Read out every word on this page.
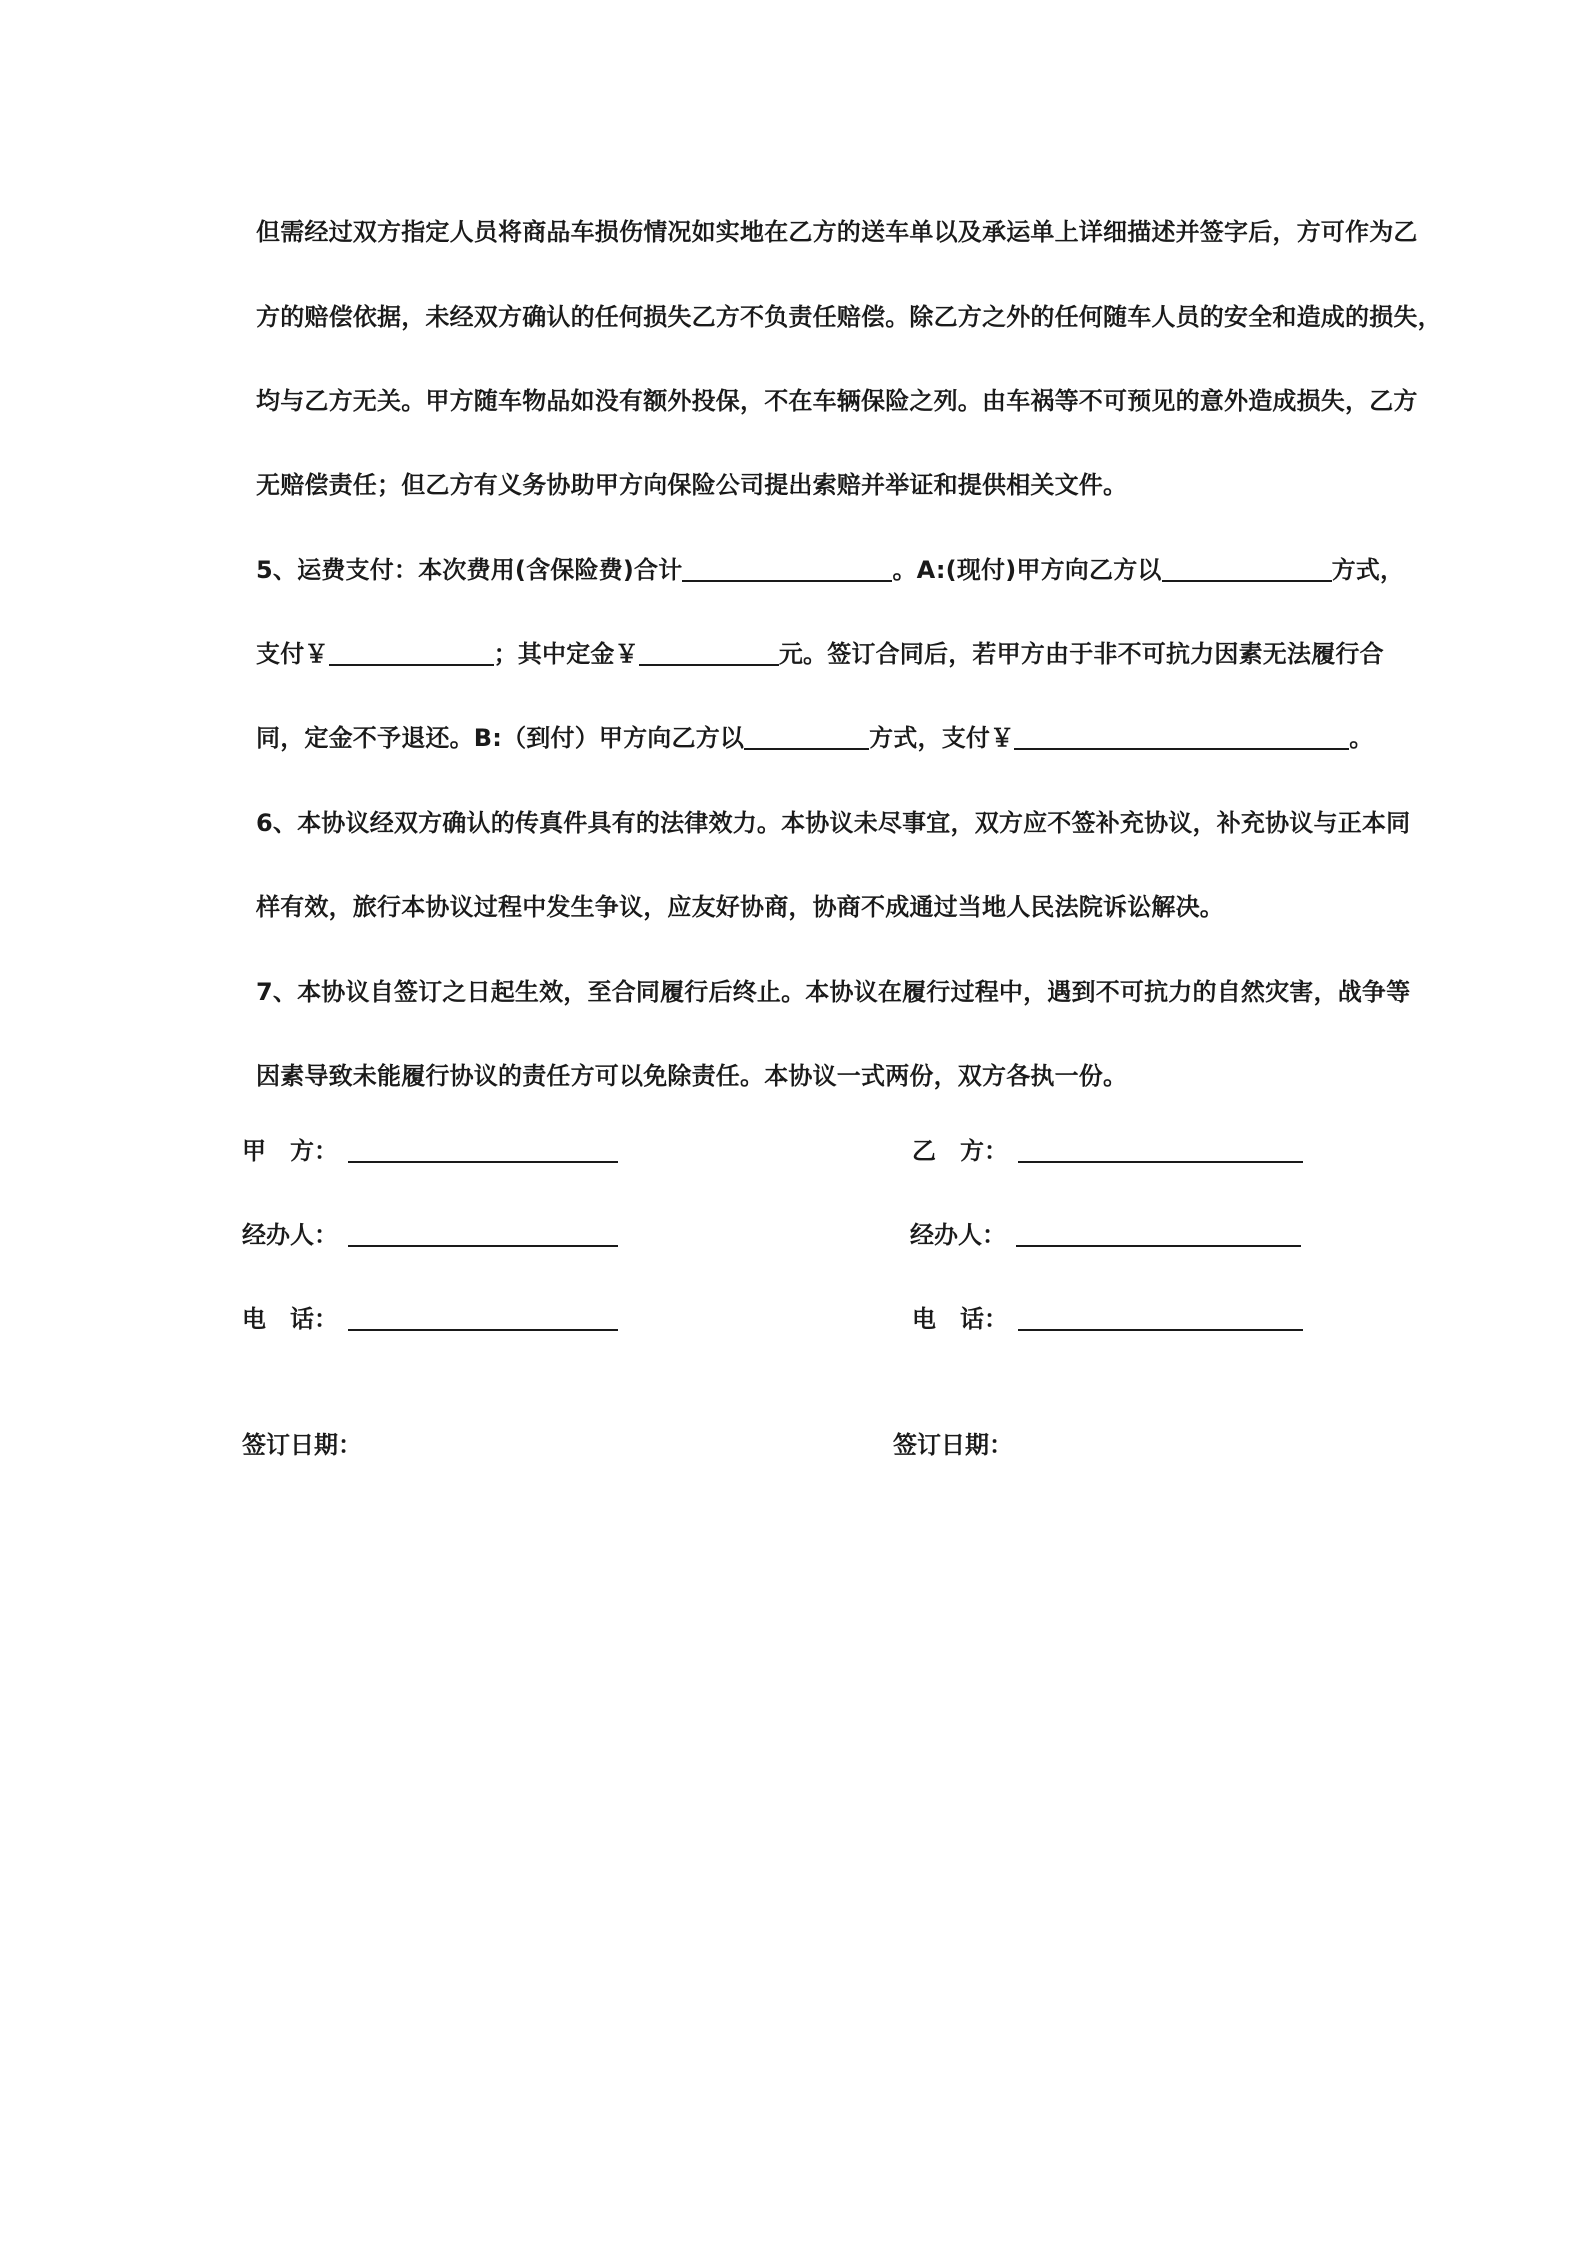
但需经过双方指定人员将商品车损伤情况如实地在乙方的送车单以及承运单上详细描述并签字后，方可作为乙
方的赔偿依据，未经双方确认的任何损失乙方不负责任赔偿。除乙方之外的任何随车人员的安全和造成的损失，
均与乙方无关。甲方随车物品如没有额外投保，不在车辆保险之列。由车祸等不可预见的意外造成损失，乙方
无赔偿责任；但乙方有义务协助甲方向保险公司提出索赔并举证和提供相关文件。
5、运费支付：本次费用(含保险费)合计	。A:(现付)甲方向乙方以	方式，
支付￥	；其中定金￥	元。签订合同后，若甲方由于非不可抗力因素无法履行合
同，定金不予退还。B:（到付）甲方向乙方以	方式，支付￥	。
6、本协议经双方确认的传真件具有的法律效力。本协议未尽事宜，双方应不签补充协议，补充协议与正本同
样有效，旅行本协议过程中发生争议，应友好协商，协商不成通过当地人民法院诉讼解决。
7、本协议自签订之日起生效，至合同履行后终止。本协议在履行过程中，遇到不可抗力的自然灾害，战争等
因素导致未能履行协议的责任方可以免除责任。本协议一式两份，双方各执一份。
甲　方：	乙　方：
经办人：	经办人：
电　话：	电　话：
签订日期：	签订日期：
